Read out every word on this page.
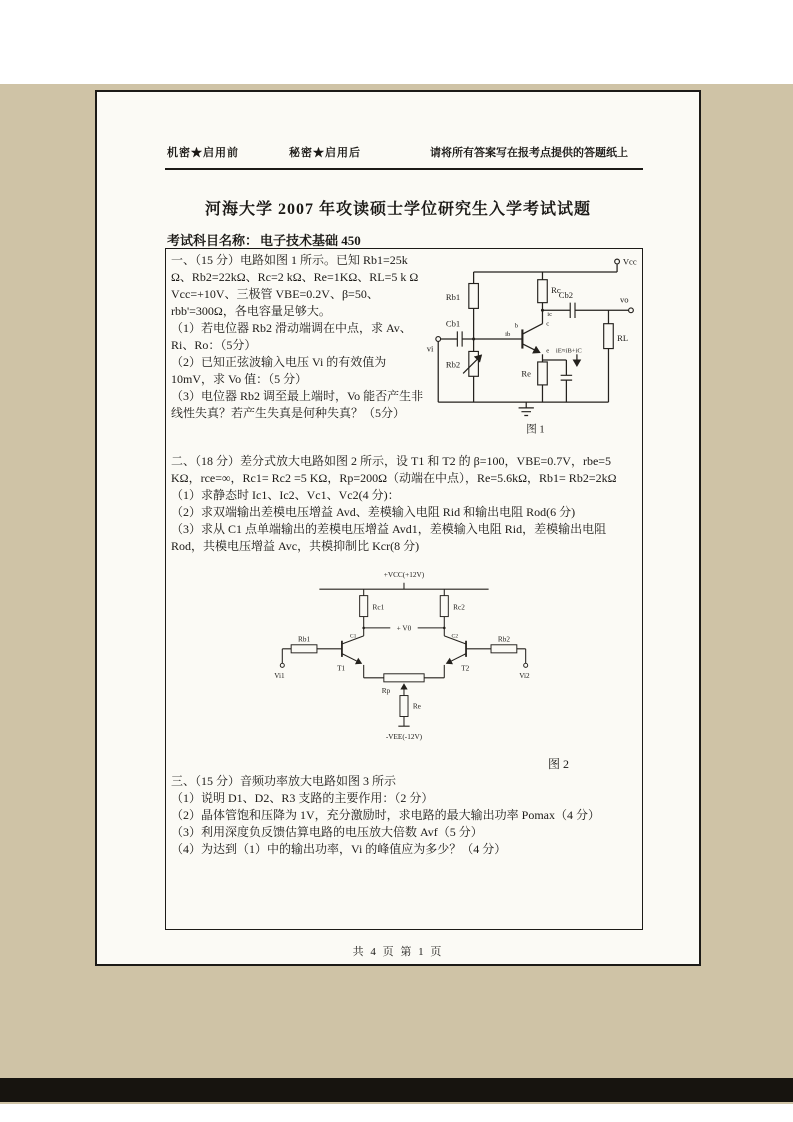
机密★启用前	秘密★启用后	请将所有答案写在报考点提供的答题纸上
河海大学 2007 年攻读硕士学位研究生入学考试试题
考试科目名称： 电子技术基础 450

一、（15 分）电路如图 1 所示。已知 Rb1=25k Ω、Rb2=22kΩ、Rc=2 kΩ、Re=1KΩ、RL=5 k Ω Vcc=+10V、三极管 VBE=0.2V、β=50、rbb'=300Ω，各电容量足够大。

（1）若电位器 Rb2 滑动端调在中点，求 Av、Ri、Ro：（5分）

（2）已知正弦波输入电压 Vi 的有效值为 10mV，求 Vo 值：（5 分）

（3）电位器 Rb2 调至最上端时，Vo 能否产生非线性失真？若产生失真是何种失真？（5分）

Vcc
Rb1
Rc
Cb1
vi
ib
b	c
e
ic
Cb2	vo
RL
Rb2
Re
iE≈iB+iC
图 1

二、（18 分）差分式放大电路如图 2 所示，设 T1 和 T2 的 β=100，VBE=0.7V，rbe=5 KΩ，rce=∞，Rc1= Rc2 =5 KΩ，Rp=200Ω（动端在中点），Re=5.6kΩ，Rb1= Rb2=2kΩ

（1）求静态时 Ic1、Ic2、Vc1、Vc2(4 分)：

（2）求双端输出差模电压增益 Avd、差模输入电阻 Rid 和输出电阻 Rod(6 分)

（3）求从 C1 点单端输出的差模电压增益 Avd1，差模输入电阻 Rid，差模输出电阻 Rod，共模电压增益 Avc，共模抑制比 Kcr(8 分)

+VCC(+12V)
Rc1	Rc2
+ V0
C1	C2
T1	T2
Rb1
Vi1
Rb2
Vi2
Rp
Re
-VEE(-12V)
图 2

三、（15 分）音频功率放大电路如图 3 所示

（1）说明 D1、D2、R3 支路的主要作用：（2 分）

（2）晶体管饱和压降为 1V，充分激励时，求电路的最大输出功率 Pomax（4 分）

（3）利用深度负反馈估算电路的电压放大倍数 Avf（5 分）

（4）为达到（1）中的输出功率，Vi 的峰值应为多少？（4 分）

共 4 页 第 1 页
